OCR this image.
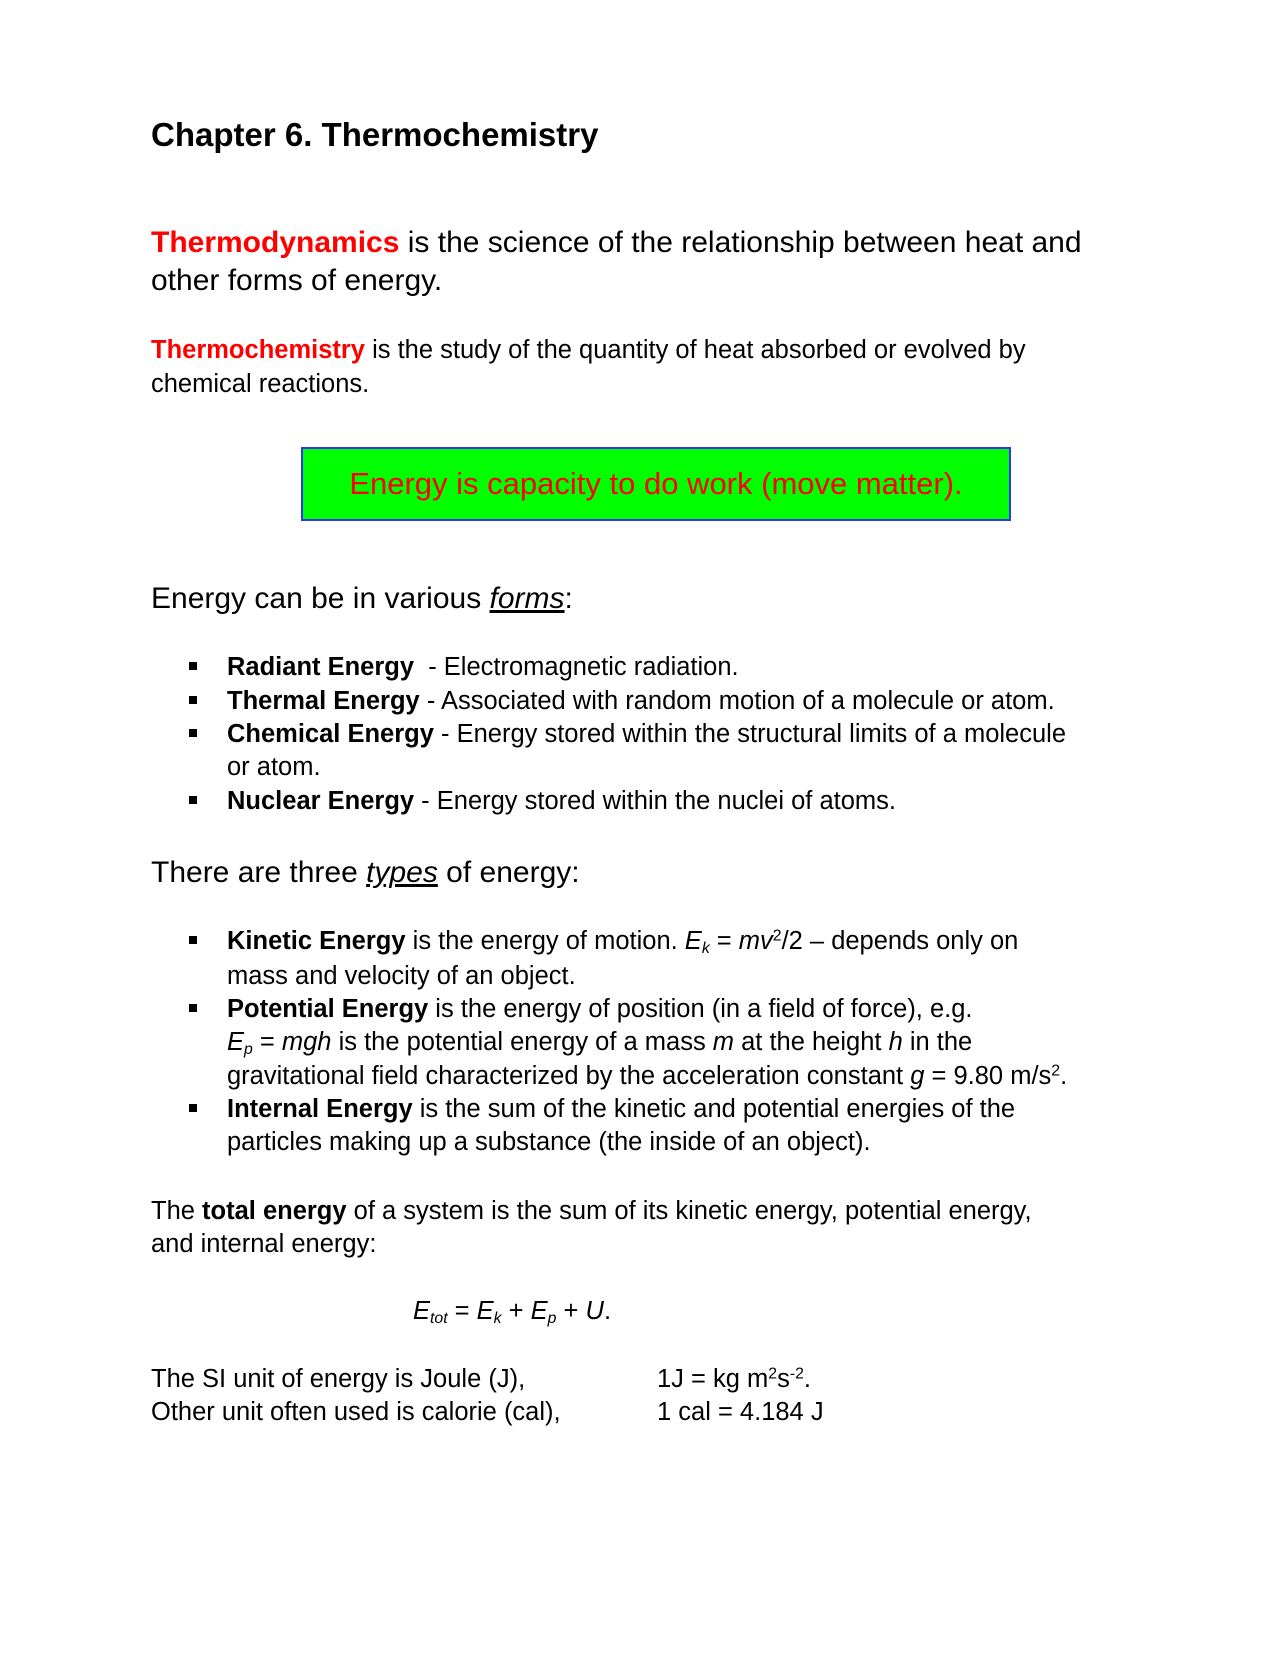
Chapter 6. Thermochemistry
Thermodynamics is the science of the relationship between heat and
other forms of energy.
Thermochemistry is the study of the quantity of heat absorbed or evolved by
chemical reactions.
Energy is capacity to do work (move matter).
Energy can be in various forms:
Radiant Energy  - Electromagnetic radiation.
Thermal Energy - Associated with random motion of a molecule or atom.
Chemical Energy - Energy stored within the structural limits of a molecule
or atom.
Nuclear Energy - Energy stored within the nuclei of atoms.
There are three types of energy:
Kinetic Energy is the energy of motion. $E_k = mv^2/2$ – depends only on
mass and velocity of an object.
Potential Energy is the energy of position (in a field of force), e.g.
$E_p$ = mgh is the potential energy of a mass m at the height h in the
gravitational field characterized by the acceleration constant g = 9.80 $m/s^2$.
Internal Energy is the sum of the kinetic and potential energies of the
particles making up a substance (the inside of an object).
The total energy of a system is the sum of its kinetic energy, potential energy,
and internal energy:
$E_{tot} = E_k + E_p + U$.
The SI unit of energy is Joule (J),	1J = kg $m^2s^{-2}$.
Other unit often used is calorie (cal),	1 cal = 4.184 J
